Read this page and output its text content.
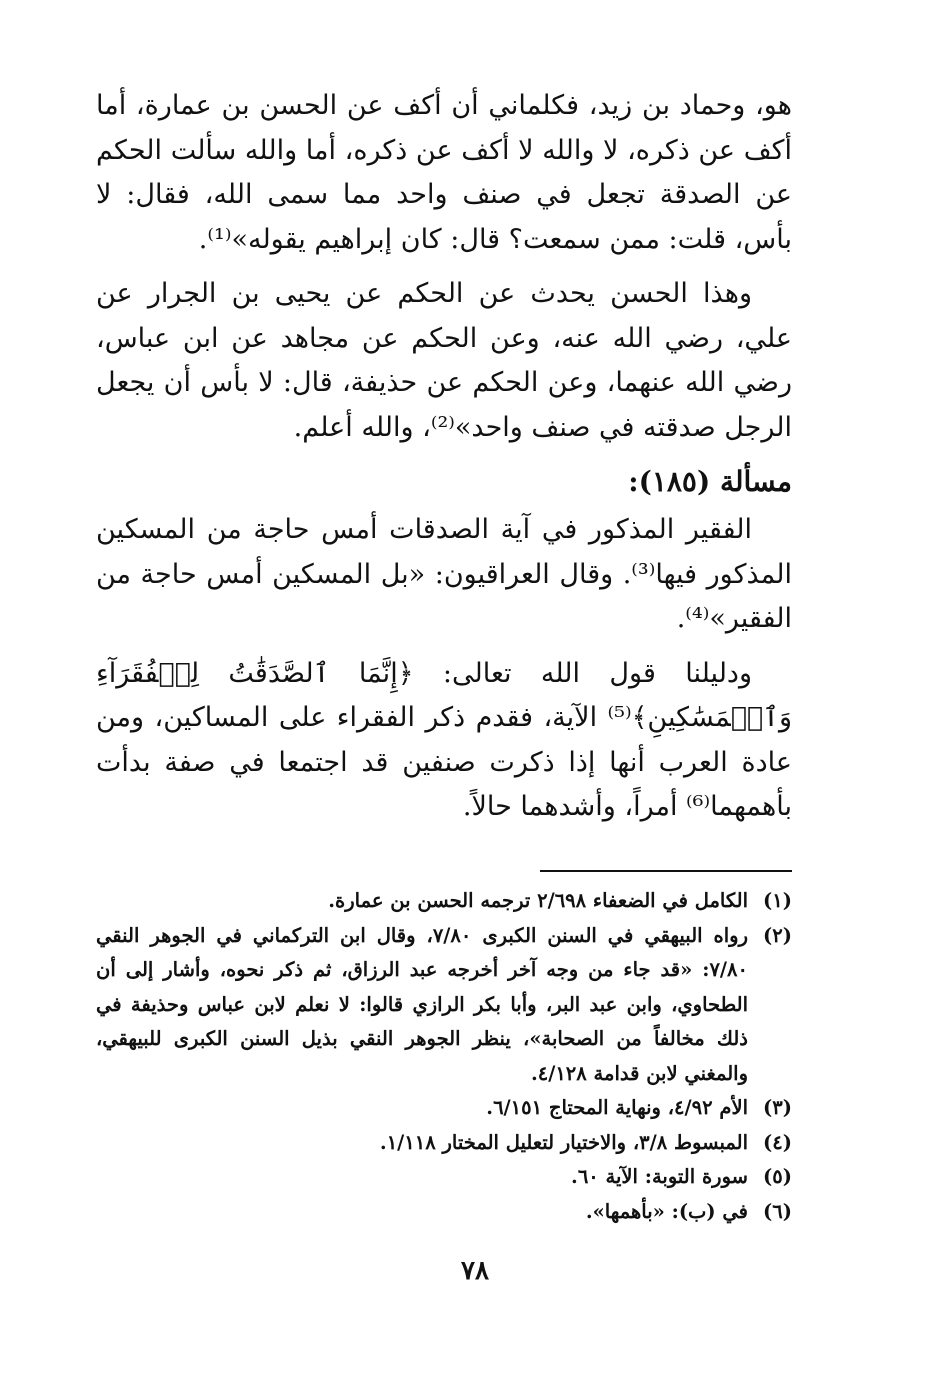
هو، وحماد بن زيد، فكلماني أن أكف عن الحسن بن عمارة، أما أكف عن ذكره، لا والله لا أكف عن ذكره، أما والله سألت الحكم عن الصدقة تجعل في صنف واحد مما سمى الله، فقال: لا بأس، قلت: ممن سمعت؟ قال: كان إبراهيم يقوله»⁽¹⁾.

وهذا الحسن يحدث عن الحكم عن يحيى بن الجرار عن علي، رضي الله عنه، وعن الحكم عن مجاهد عن ابن عباس، رضي الله عنهما، وعن الحكم عن حذيفة، قال: لا بأس أن يجعل الرجل صدقته في صنف واحد»⁽²⁾، والله أعلم.

مسألة (١٨٥):

الفقير المذكور في آية الصدقات أمس حاجة من المسكين المذكور فيها⁽³⁾. وقال العراقيون: «بل المسكين أمس حاجة من الفقير»⁽⁴⁾.

ودليلنا قول الله تعالى: ﴿إِنَّمَا ٱلصَّدَقَٰتُ لِلۡفُقَرَآءِ وَٱلۡمَسَٰكِينِ﴾⁽⁵⁾ الآية، فقدم ذكر الفقراء على المساكين، ومن عادة العرب أنها إذا ذكرت صنفين قد اجتمعا في صفة بدأت بأهمهما⁽⁶⁾ أمراً، وأشدهما حالاً.

(١)
الكامل في الضعفاء ٢/٦٩٨ ترجمه الحسن بن عمارة.
(٢)
رواه البيهقي في السنن الكبرى ٧/٨٠، وقال ابن التركماني في الجوهر النقي ٧/٨٠: «قد جاء من وجه آخر أخرجه عبد الرزاق، ثم ذكر نحوه، وأشار إلى أن الطحاوي، وابن عبد البر، وأبا بكر الرازي قالوا: لا نعلم لابن عباس وحذيفة في ذلك مخالفاً من الصحابة»، ينظر الجوهر النقي بذيل السنن الكبرى للبيهقي، والمغني لابن قدامة ٤/١٢٨.
(٣)
الأم ٤/٩٢، ونهاية المحتاج ٦/١٥١.
(٤)
المبسوط ٣/٨، والاختيار لتعليل المختار ١/١١٨.
(٥)
سورة التوبة: الآية ٦٠.
(٦)
في (ب): «بأهمها».
٧٨
